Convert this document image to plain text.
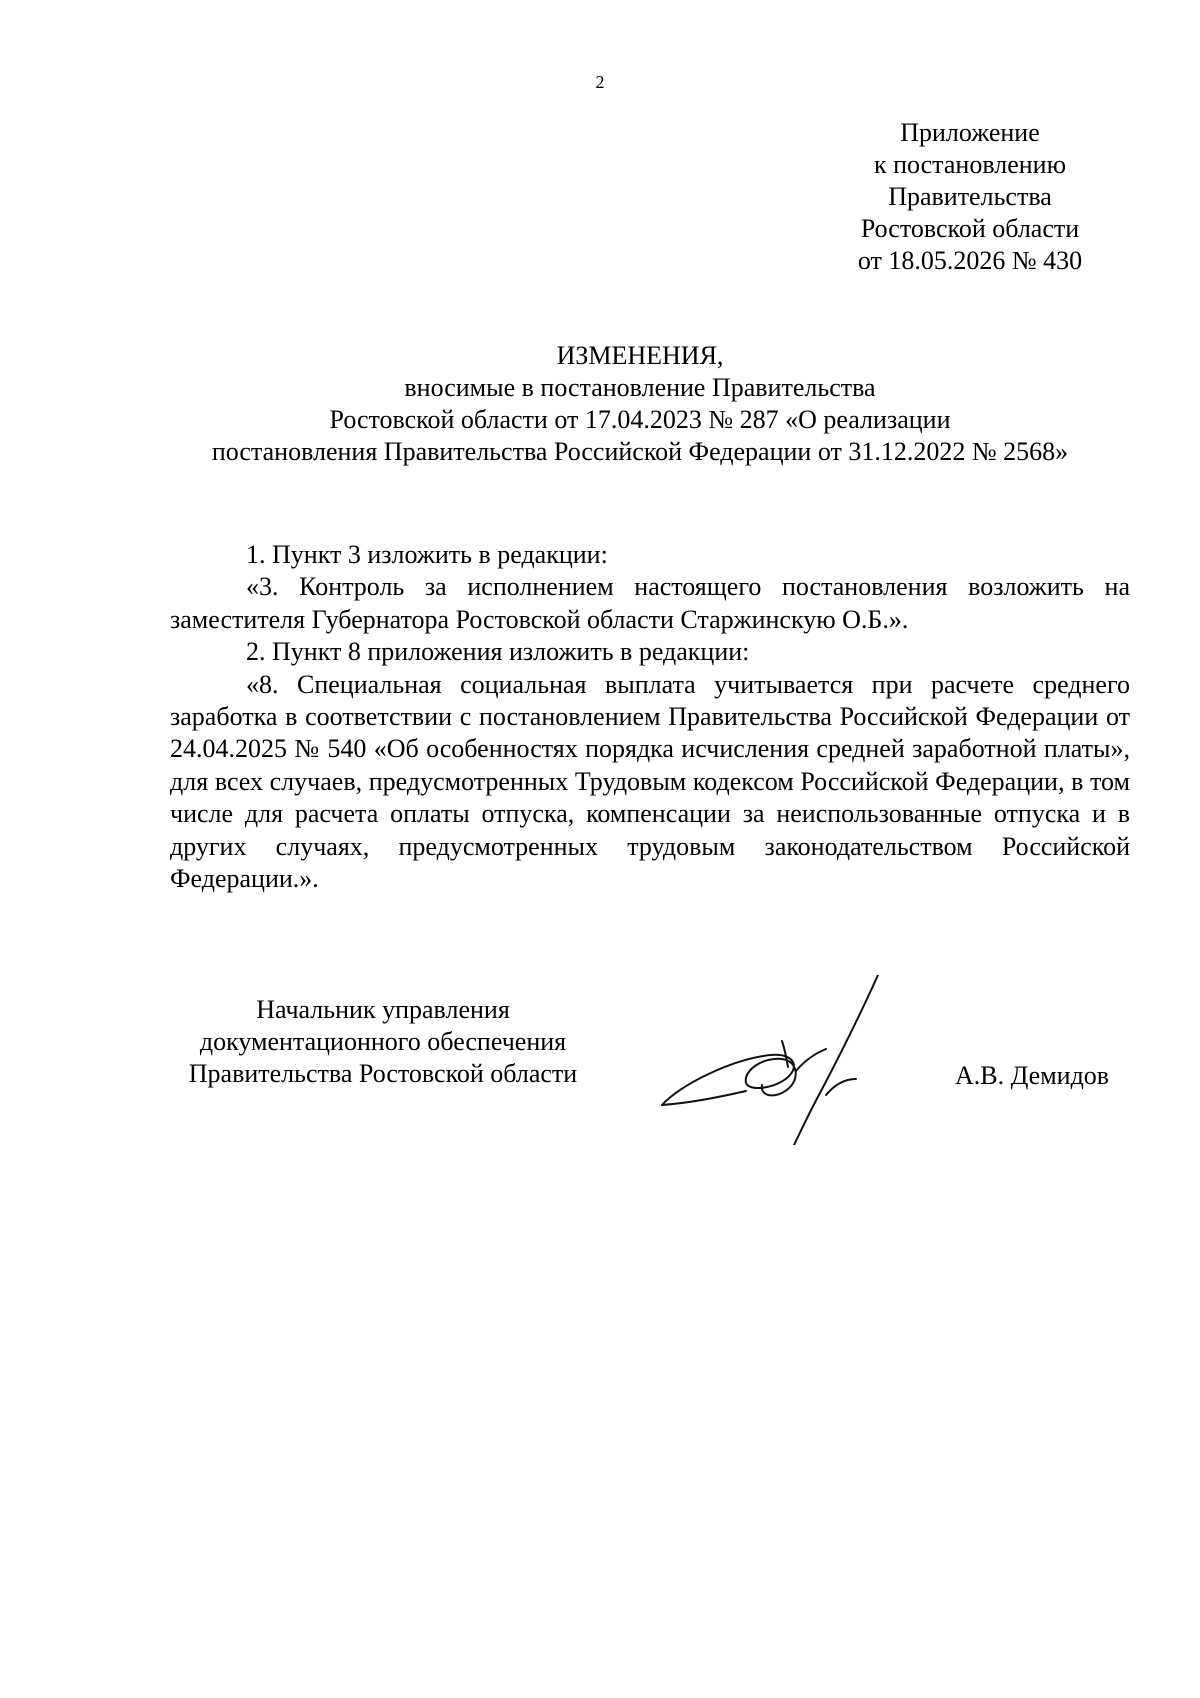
2
Приложение
к постановлению
Правительства
Ростовской области
от 18.05.2026 № 430
ИЗМЕНЕНИЯ,
вносимые в постановление Правительства
Ростовской области от 17.04.2023 № 287 «О реализации
постановления Правительства Российской Федерации от 31.12.2022 № 2568»

1. Пункт 3 изложить в редакции:

«3. Контроль за исполнением настоящего постановления возложить на заместителя Губернатора Ростовской области Старжинскую О.Б.».

2. Пункт 8 приложения изложить в редакции:

«8. Специальная социальная выплата учитывается при расчете среднего заработка в соответствии с постановлением Правительства Российской Федерации от 24.04.2025 № 540 «Об особенностях порядка исчисления средней заработной платы», для всех случаев, предусмотренных Трудовым кодексом Российской Федерации, в том числе для расчета оплаты отпуска, компенсации за неиспользованные отпуска и в других случаях, предусмотренных трудовым законодательством Российской Федерации.».

Начальник управления
документационного обеспечения
Правительства Ростовской области	А.В. Демидов
